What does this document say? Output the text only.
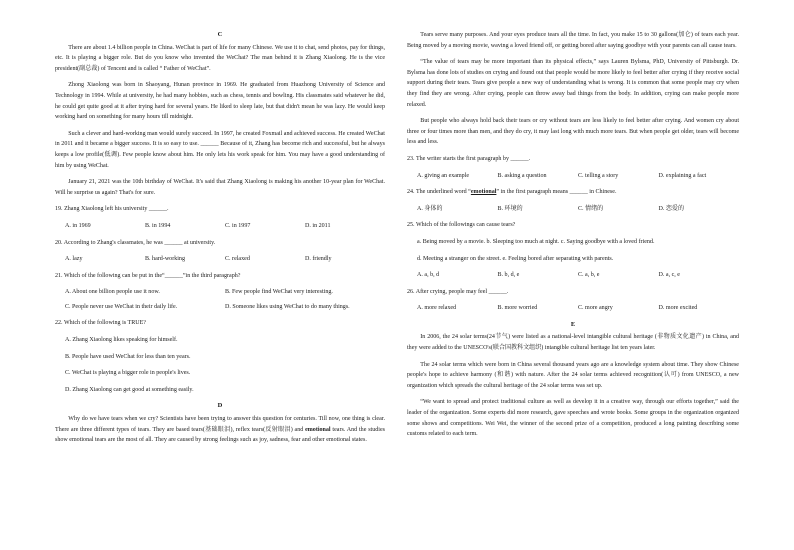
C

There are about 1.4 billion people in China. WeChat is part of life for many Chinese. We use it to chat, send photos, pay for things, etc. It is playing a bigger role. But do you know who invented the WeChat? The man behind it is Zhang Xiaolong. He is the vice president(副总裁) of Tencent and is called “ Father of WeChat”.

Zhong Xiaolong was born in Shaoyang, Hunan province in 1969. He graduated from Huazhong University of Science and Technology in 1994. While at university, he had many hobbies, such as chess, tennis and bowling. His classmates said whatever he did, he could get quite good at it after trying hard for several years. He liked to sleep late, but that didn't mean he was lazy. He would keep working hard on something for many hours till midnight.

Such a clever and hard-working man would surely succeed. In 1997, he created Foxmail and achieved success. He created WeChat in 2011 and it became a bigger success. It is so easy to use. ______ Because of it, Zhang has become rich and successful, but he always keeps a low profile(低调). Few people know about him. He only lets his work speak for him. You may have a good understanding of him by using WeChat.

January 21, 2021 was the 10th birthday of WeChat. It's said that Zhang Xiaolong is making his another 10-year plan for WeChat. Will he surprise us again? That's for sure.

19. Zhang Xiaolong left his university ______.

A. in 1969	B. in 1994	C. in 1997	D. in 2011

20. According to Zhang's classmates, he was ______ at university.

A. lazy	B. hard-working	C. relaxed	D. friendly

21. Which of the following can be put in the“______”in the third paragraph?

A. About one billion people use it now.	B. Few people find WeChat very interesting.
C. People never use WeChat in their daily life.	D. Someone likes using WeChat to do many things.

22. Which of the following is TRUE?

A. Zhang Xiaolong likes speaking for himself.

B. People have used WeChat for less than ten years.

C. WeChat is playing a bigger role in people's lives.

D. Zhang Xiaolong can get good at something easily.

D

Why do we have tears when we cry? Scientists have been trying to answer this question for centuries. Till now, one thing is clear. There are three different types of tears. They are based tears(基础眼泪), reflex tears(反射眼泪) and emotional tears. And the studies show emotional tears are the most of all. They are caused by strong feelings such as joy, sadness, fear and other emotional states.

Tears serve many purposes. And your eyes produce tears all the time. In fact, you make 15 to 30 gallons(加仑) of tears each year. Being moved by a moving movie, waving a loved friend off, or getting bored after saying goodbye with your parents can all cause tears.

“The value of tears may be more important than its physical effects,” says Lauren Bylsma, PhD, University of Pittsburgh. Dr. Bylsma has done lots of studies on crying and found out that people would be more likely to feel better after crying if they receive social support during their tears. Tears give people a new way of understanding what is wrong. It is common that some people may cry when they find they are wrong. After crying, people can throw away bad things from the body. In addition, crying can make people more relaxed.

But people who always hold back their tears or cry without tears are less likely to feel better after crying. And women cry about three or four times more than men, and they do cry, it may last long with much more tears. But when people get older, tears will become less and less.

23. The writer starts the first paragraph by ______.

A. giving an example	B. asking a question	C. telling a story	D. explaining a fact

24. The underlined word “emotional” in the first paragraph means ______ in Chinese.

A. 身体的	B. 环境的	C. 情绪的	D. 恋爱的

25. Which of the followings can cause tears?

a. Being moved by a movie. b. Sleeping too much at night. c. Saying goodbye with a loved friend.

d. Meeting a stranger on the street. e. Feeling bored after separating with parents.

A. a, b, d	B. b, d, e	C. a, b, e	D. a, c, e

26. After crying, people may feel ______.

A. more relaxed	B. more worried	C. more angry	D. more excited

E

In 2006, the 24 solar terms(24节气) were listed as a national-level intangible cultural heritage (非物质文化遗产) in China, and they were added to the UNESCO's(联合国教科文组织) intangible cultural heritage list ten years later.

The 24 solar terms which were born in China several thousand years ago are a knowledge system about time. They show Chinese people's hope to achieve harmony (和谐) with nature. After the 24 solar terms achieved recognition(认可) from UNESCO, a new organization which spreads the cultural heritage of the 24 solar terms was set up.

“We want to spread and protect traditional culture as well as develop it in a creative way, through our efforts together,” said the leader of the organization. Some experts did more research, gave speeches and wrote books. Some groups in the organization organized some shows and competitions. Wei Wei, the winner of the second prize of a competition, produced a long painting describing some customs related to each term.
